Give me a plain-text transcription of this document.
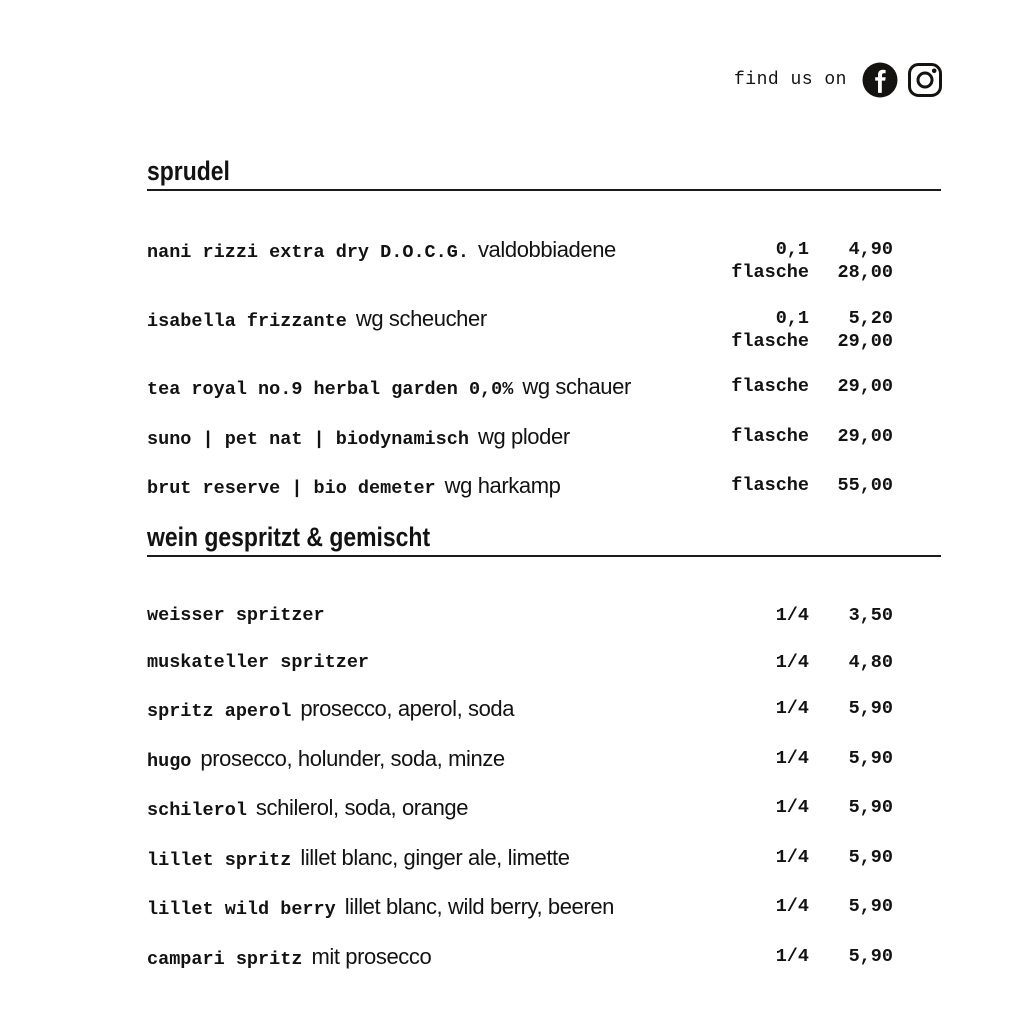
find us on
sprudel
nani rizzi extra dry D.O.C.G. valdobbiadene	0,1	4,90
flasche	28,00
isabella frizzante wg scheucher	0,1	5,20
flasche	29,00
tea royal no.9 herbal garden 0,0% wg schauer	flasche	29,00
suno | pet nat | biodynamisch wg ploder	flasche	29,00
brut reserve | bio demeter wg harkamp	flasche	55,00
wein gespritzt & gemischt
weisser spritzer	1/4	3,50
muskateller spritzer	1/4	4,80
spritz aperol prosecco, aperol, soda	1/4	5,90
hugo prosecco, holunder, soda, minze	1/4	5,90
schilerol schilerol, soda, orange	1/4	5,90
lillet spritz lillet blanc, ginger ale, limette	1/4	5,90
lillet wild berry lillet blanc, wild berry, beeren	1/4	5,90
campari spritz mit prosecco	1/4	5,90
